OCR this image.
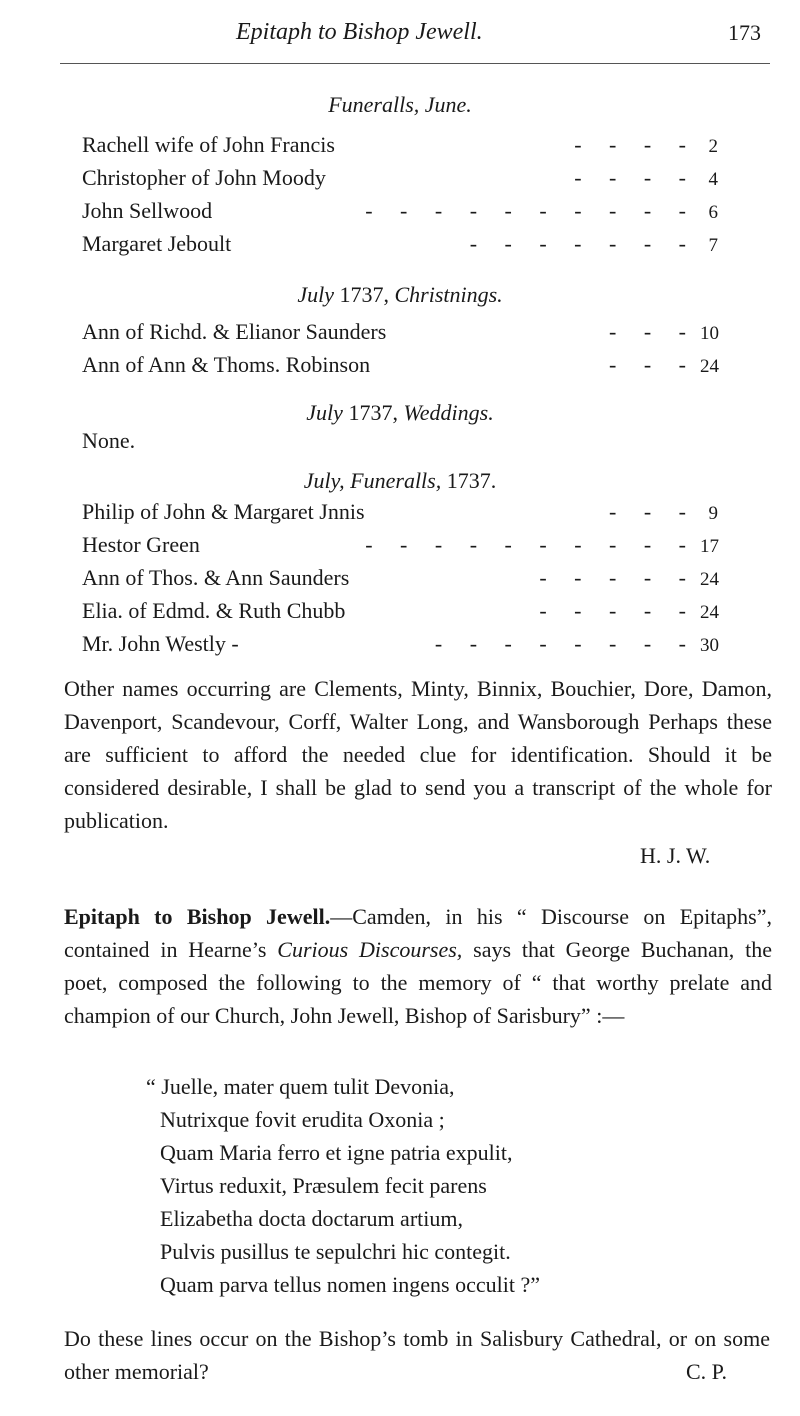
Epitaph to Bishop Jewell.	173
Funeralls, June.
Rachell wife of John Francis	- - - -	2
Christopher of John Moody	- - - -	4
John Sellwood	- - - - - - - - - -	6
Margaret Jeboult	- - - - - - -	7
July 1737, Christnings.
Ann of Richd. & Elianor Saunders	- - - 10
Ann of Ann & Thoms. Robinson	- - - 24
July 1737, Weddings.
None.
July, Funeralls, 1737.
Philip of John & Margaret Jnnis	- - -	9
Hestor Green	- - - - - - - - - - 17
Ann of Thos. & Ann Saunders	- - - - - 24
Elia. of Edmd. & Ruth Chubb	- - - - - 24
Mr. John Westly -	- - - - - - - - 30
Other names occurring are Clements, Minty, Binnix, Bouchier, Dore, Damon, Davenport, Scandevour, Corff, Walter Long, and Wansborough Perhaps these are sufficient to afford the needed clue for identification. Should it be considered desirable, I shall be glad to send you a transcript of the whole for publication.
H. J. W.
Epitaph to Bishop Jewell.—Camden, in his “ Discourse on Epitaphs”, contained in Hearne’s Curious Discourses, says that George Buchanan, the poet, composed the following to the memory of “ that worthy prelate and champion of our Church, John Jewell, Bishop of Sarisbury” :—
“ Juelle, mater quem tulit Devonia,
Nutrixque fovit erudita Oxonia ;
Quam Maria ferro et igne patria expulit,
Virtus reduxit, Præsulem fecit parens
Elizabetha docta doctarum artium,
Pulvis pusillus te sepulchri hic contegit.
Quam parva tellus nomen ingens occulit ?”
Do these lines occur on the Bishop’s tomb in Salisbury Cathedral, or on some other memorial?	C. P.
